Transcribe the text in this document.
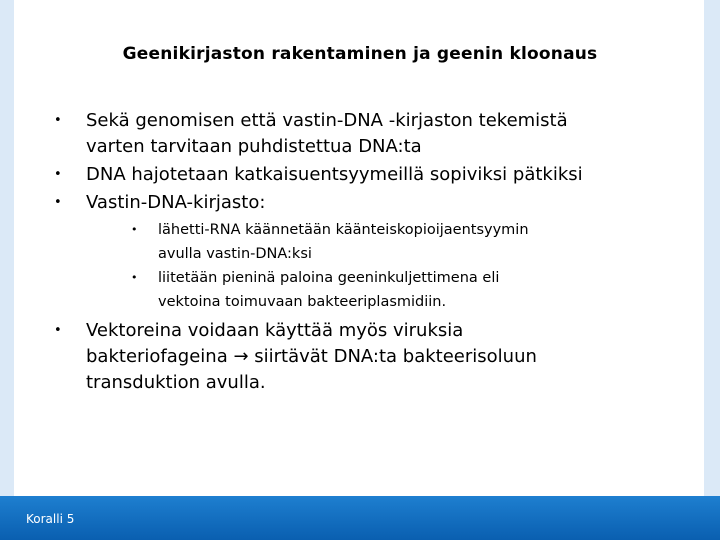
Geenikirjaston rakentaminen ja geenin kloonaus
• Sekä genomisen että vastin-DNA -kirjaston tekemistä
varten tarvitaan puhdistettua DNA:ta
• DNA hajotetaan katkaisuentsyymeillä sopiviksi pätkiksi
• Vastin-DNA-kirjasto:
• lähetti-RNA käännetään käänteiskopioijaentsyymin
avulla vastin-DNA:ksi
• liitetään pieninä paloina geeninkuljettimena eli
vektoina toimuvaan bakteeriplasmidiin.
• Vektoreina voidaan käyttää myös viruksia
bakteriofageina → siirtävät DNA:ta bakteerisoluun
transduktion avulla.
Koralli 5
